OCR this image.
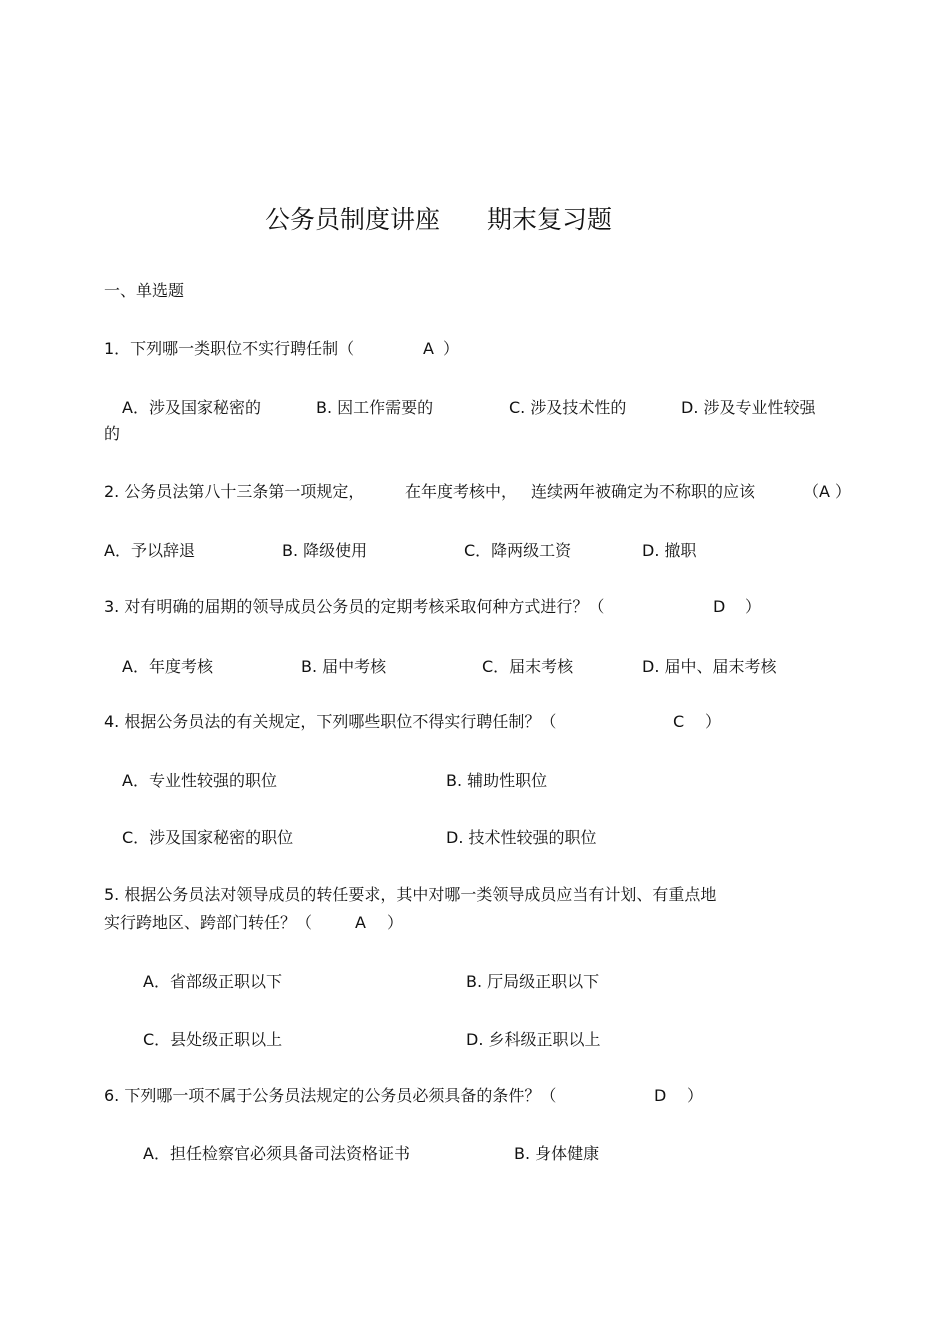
公务员制度讲座 期末复习题
一、单选题
1．下列哪一类职位不实行聘任制（	A ）
A．涉及国家秘密的	B. 因工作需要的	C. 涉及技术性的	D. 涉及专业性较强
的
2. 公务员法第八十三条第一项规定，	在年度考核中， 连续两年被确定为不称职的应该	（A ）
A．予以辞退	B. 降级使用	C．降两级工资	D. 撤职
3. 对有明确的届期的领导成员公务员的定期考核采取何种方式进行？（	D ）
A．年度考核	B. 届中考核	C．届末考核	D. 届中、届末考核
4. 根据公务员法的有关规定，下列哪些职位不得实行聘任制？（	C ）
A．专业性较强的职位	B. 辅助性职位
C．涉及国家秘密的职位	D. 技术性较强的职位
5. 根据公务员法对领导成员的转任要求，其中对哪一类领导成员应当有计划、有重点地
实行跨地区、跨部门转任？（	A ）
A．省部级正职以下	B. 厅局级正职以下
C．县处级正职以上	D. 乡科级正职以上
6. 下列哪一项不属于公务员法规定的公务员必须具备的条件？（	D ）
A．担任检察官必须具备司法资格证书	B. 身体健康
